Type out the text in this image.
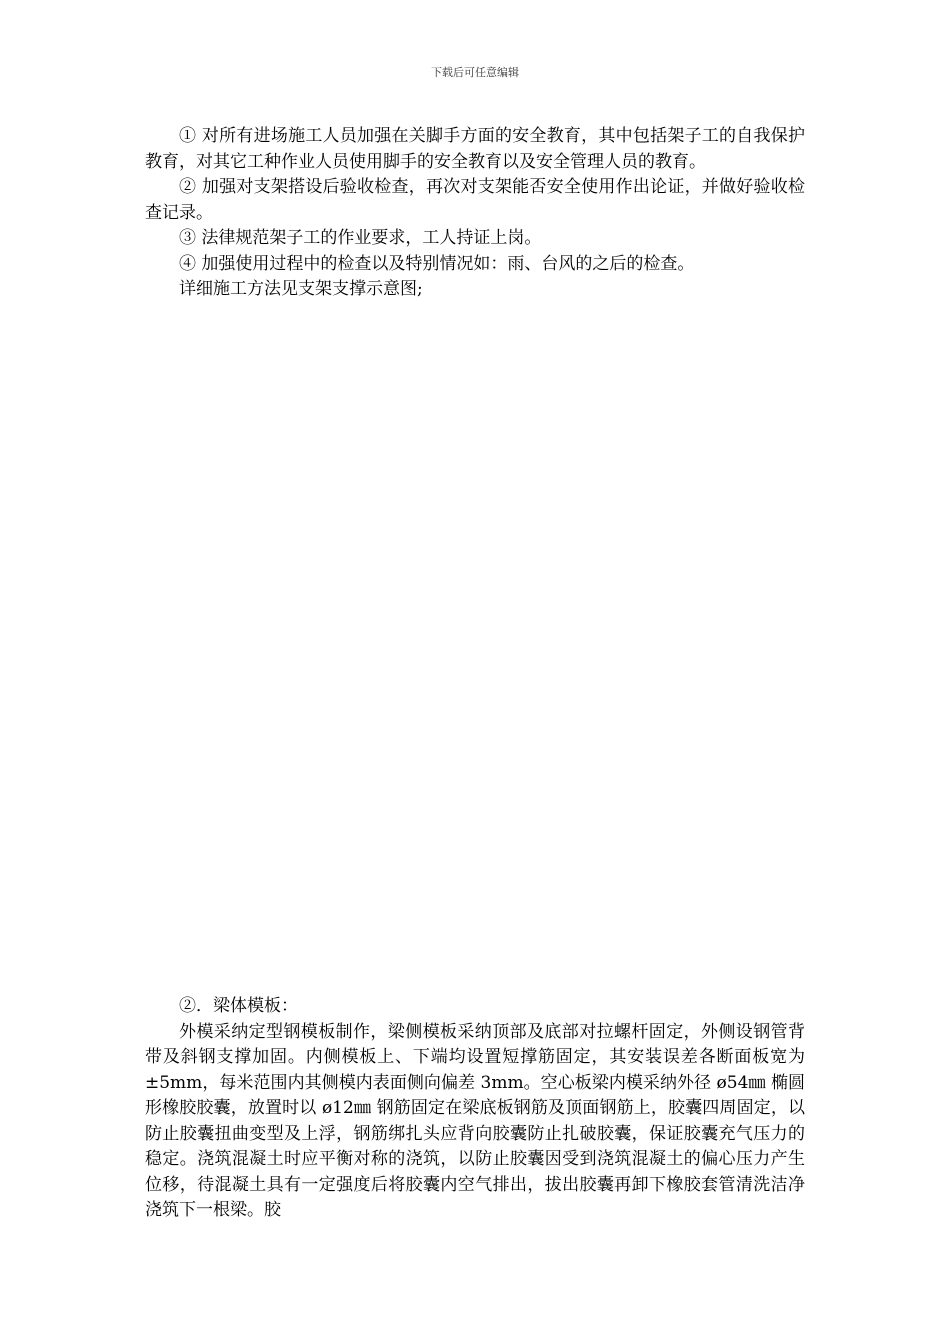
下载后可任意编辑

① 对所有进场施工人员加强在关脚手方面的安全教育，其中包括架子工的自我保护教育，对其它工种作业人员使用脚手的安全教育以及安全管理人员的教育。

② 加强对支架搭设后验收检查，再次对支架能否安全使用作出论证，并做好验收检查记录。

③ 法律规范架子工的作业要求，工人持证上岗。

④ 加强使用过程中的检查以及特别情况如：雨、台风的之后的检查。

详细施工方法见支架支撑示意图;

②．梁体模板：

外模采纳定型钢模板制作，梁侧模板采纳顶部及底部对拉螺杆固定，外侧设钢管背带及斜钢支撑加固。内侧模板上、下端均设置短撑筋固定，其安装误差各断面板宽为±5mm，每米范围内其侧模内表面侧向偏差 3mm。空心板梁内模采纳外径 ø54㎜ 椭圆形橡胶胶囊，放置时以 ø12㎜ 钢筋固定在梁底板钢筋及顶面钢筋上，胶囊四周固定，以防止胶囊扭曲变型及上浮，钢筋绑扎头应背向胶囊防止扎破胶囊，保证胶囊充气压力的稳定。浇筑混凝土时应平衡对称的浇筑，以防止胶囊因受到浇筑混凝土的偏心压力产生位移，待混凝土具有一定强度后将胶囊内空气排出，拔出胶囊再卸下橡胶套管清洗洁净浇筑下一根梁。胶
